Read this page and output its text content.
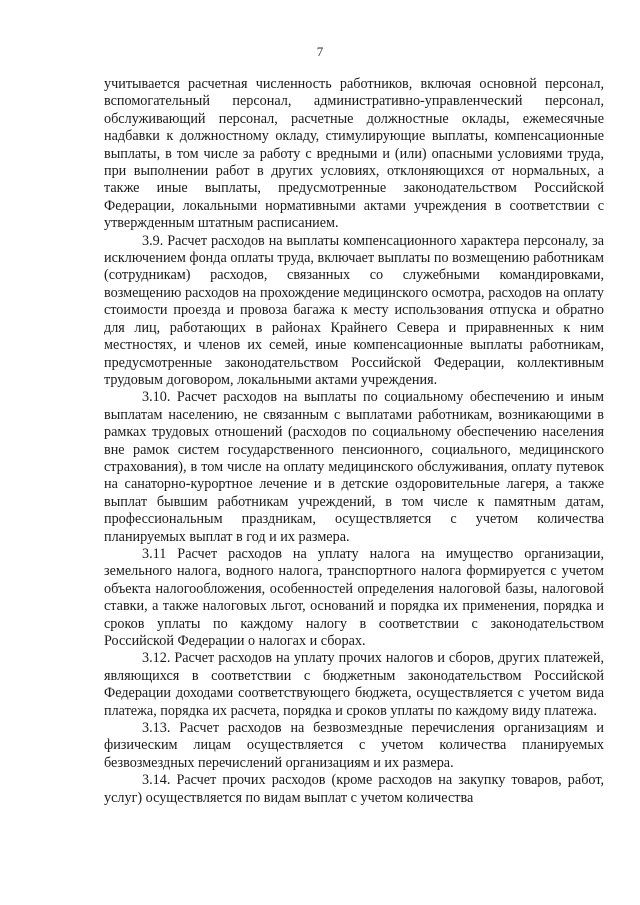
7

учитывается расчетная численность работников, включая основной персонал, вспомогательный персонал, административно-управленческий персонал, обслуживающий персонал, расчетные должностные оклады, ежемесячные надбавки к должностному окладу, стимулирующие выплаты, компенсационные выплаты, в том числе за работу с вредными и (или) опасными условиями труда, при выполнении работ в других условиях, отклоняющихся от нормальных, а также иные выплаты, предусмотренные законодательством Российской Федерации, локальными нормативными актами учреждения в соответствии с утвержденным штатным расписанием.

3.9. Расчет расходов на выплаты компенсационного характера персоналу, за исключением фонда оплаты труда, включает выплаты по возмещению работникам (сотрудникам) расходов, связанных со служебными командировками, возмещению расходов на прохождение медицинского осмотра, расходов на оплату стоимости проезда и провоза багажа к месту использования отпуска и обратно для лиц, работающих в районах Крайнего Севера и приравненных к ним местностях, и членов их семей, иные компенсационные выплаты работникам, предусмотренные законодательством Российской Федерации, коллективным трудовым договором, локальными актами учреждения.

3.10. Расчет расходов на выплаты по социальному обеспечению и иным выплатам населению, не связанным с выплатами работникам, возникающими в рамках трудовых отношений (расходов по социальному обеспечению населения вне рамок систем государственного пенсионного, социального, медицинского страхования), в том числе на оплату медицинского обслуживания, оплату путевок на санаторно-курортное лечение и в детские оздоровительные лагеря, а также выплат бывшим работникам учреждений, в том числе к памятным датам, профессиональным праздникам, осуществляется с учетом количества планируемых выплат в год и их размера.

3.11 Расчет расходов на уплату налога на имущество организации, земельного налога, водного налога, транспортного налога формируется с учетом объекта налогообложения, особенностей определения налоговой базы, налоговой ставки, а также налоговых льгот, оснований и порядка их применения, порядка и сроков уплаты по каждому налогу в соответствии с законодательством Российской Федерации о налогах и сборах.

3.12. Расчет расходов на уплату прочих налогов и сборов, других платежей, являющихся в соответствии с бюджетным законодательством Российской Федерации доходами соответствующего бюджета, осуществляется с учетом вида платежа, порядка их расчета, порядка и сроков уплаты по каждому виду платежа.

3.13. Расчет расходов на безвозмездные перечисления организациям и физическим лицам осуществляется с учетом количества планируемых безвозмездных перечислений организациям и их размера.

3.14. Расчет прочих расходов (кроме расходов на закупку товаров, работ, услуг) осуществляется по видам выплат с учетом количества
